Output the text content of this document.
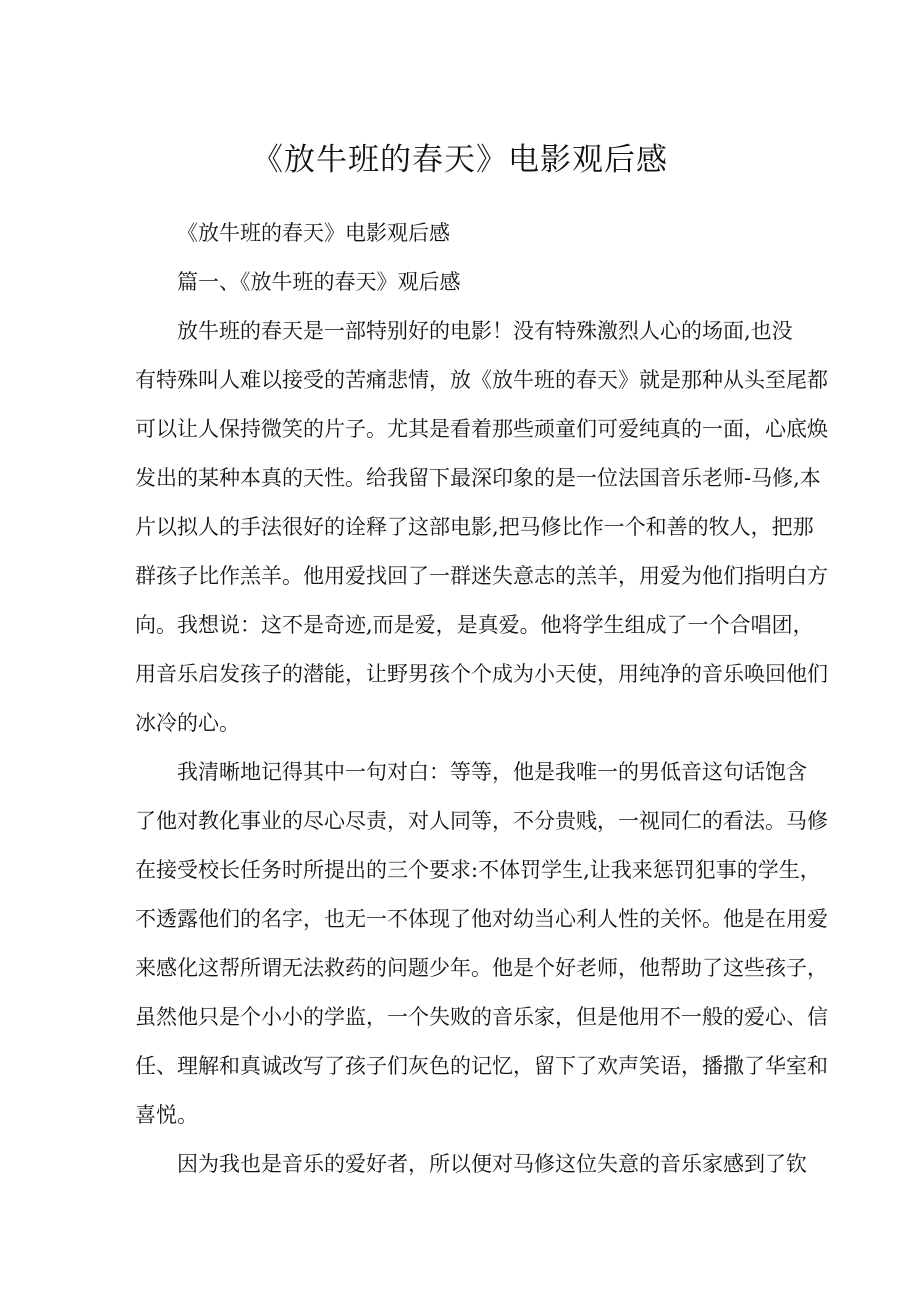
《放牛班的春天》电影观后感
《放牛班的春天》电影观后感
篇一、《放牛班的春天》观后感
放牛班的春天是一部特别好的电影！没有特殊激烈人心的场面,也没
有特殊叫人难以接受的苦痛悲情，放《放牛班的春天》就是那种从头至尾都
可以让人保持微笑的片子。尤其是看着那些顽童们可爱纯真的一面，心底焕
发出的某种本真的天性。给我留下最深印象的是一位法国音乐老师-马修,本
片以拟人的手法很好的诠释了这部电影,把马修比作一个和善的牧人，把那
群孩子比作羔羊。他用爱找回了一群迷失意志的羔羊，用爱为他们指明白方
向。我想说：这不是奇迹,而是爱，是真爱。他将学生组成了一个合唱团，
用音乐启发孩子的潜能，让野男孩个个成为小天使，用纯净的音乐唤回他们
冰冷的心。
我清晰地记得其中一句对白：等等，他是我唯一的男低音这句话饱含
了他对教化事业的尽心尽责，对人同等，不分贵贱，一视同仁的看法。马修
在接受校长任务时所提出的三个要求:不体罚学生,让我来惩罚犯事的学生，
不透露他们的名字，也无一不体现了他对幼当心利人性的关怀。他是在用爱
来感化这帮所谓无法救药的问题少年。他是个好老师，他帮助了这些孩子，
虽然他只是个小小的学监，一个失败的音乐家，但是他用不一般的爱心、信
任、理解和真诚改写了孩子们灰色的记忆，留下了欢声笑语，播撒了华室和
喜悦。
因为我也是音乐的爱好者，所以便对马修这位失意的音乐家感到了钦
